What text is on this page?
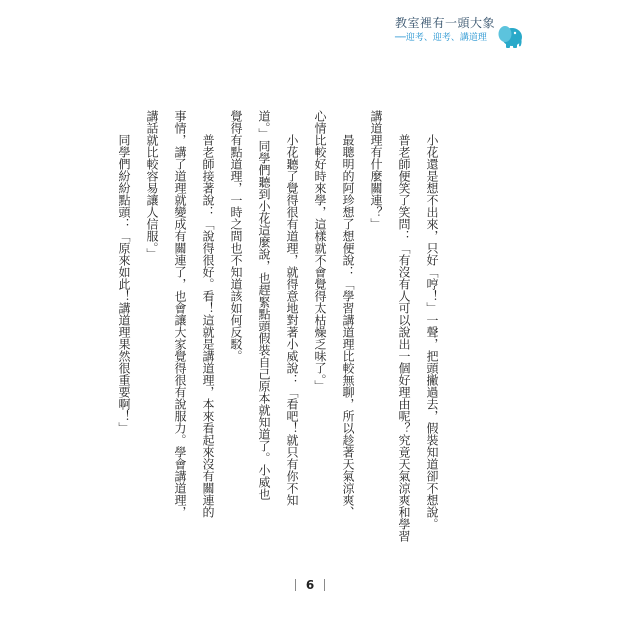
教室裡有一頭大象
──迎考、迎考、講道理
小花還是想不出來，只好「哼！」一聲，把頭撇過去，假裝知道卻不想說。
普老師便笑了笑問：「有沒有人可以說出一個好理由呢？究竟天氣涼爽和學習
講道理有什麼關連？」
最聰明的阿珍想了想便說：「學習講道理比較無聊，所以趁著天氣涼爽、
心情比較好時來學，這樣就不會覺得太枯燥乏味了。」
小花聽了覺得很有道理，就得意地對著小威說：「看吧！就只有你不知
道。」同學們聽到小花這麼說，也趕緊點頭假裝自己原本就知道了。小威也
覺得有點道理，一時之間也不知道該如何反駁。
普老師接著說：「說得很好。看！這就是講道理，本來看起來沒有關連的
事情，講了道理就變成有關連了，也會讓大家覺得很有說服力。學會講道理，
講話就比較容易讓人信服。」
同學們紛紛點頭：「原來如此！講道理果然很重要啊！」
6
